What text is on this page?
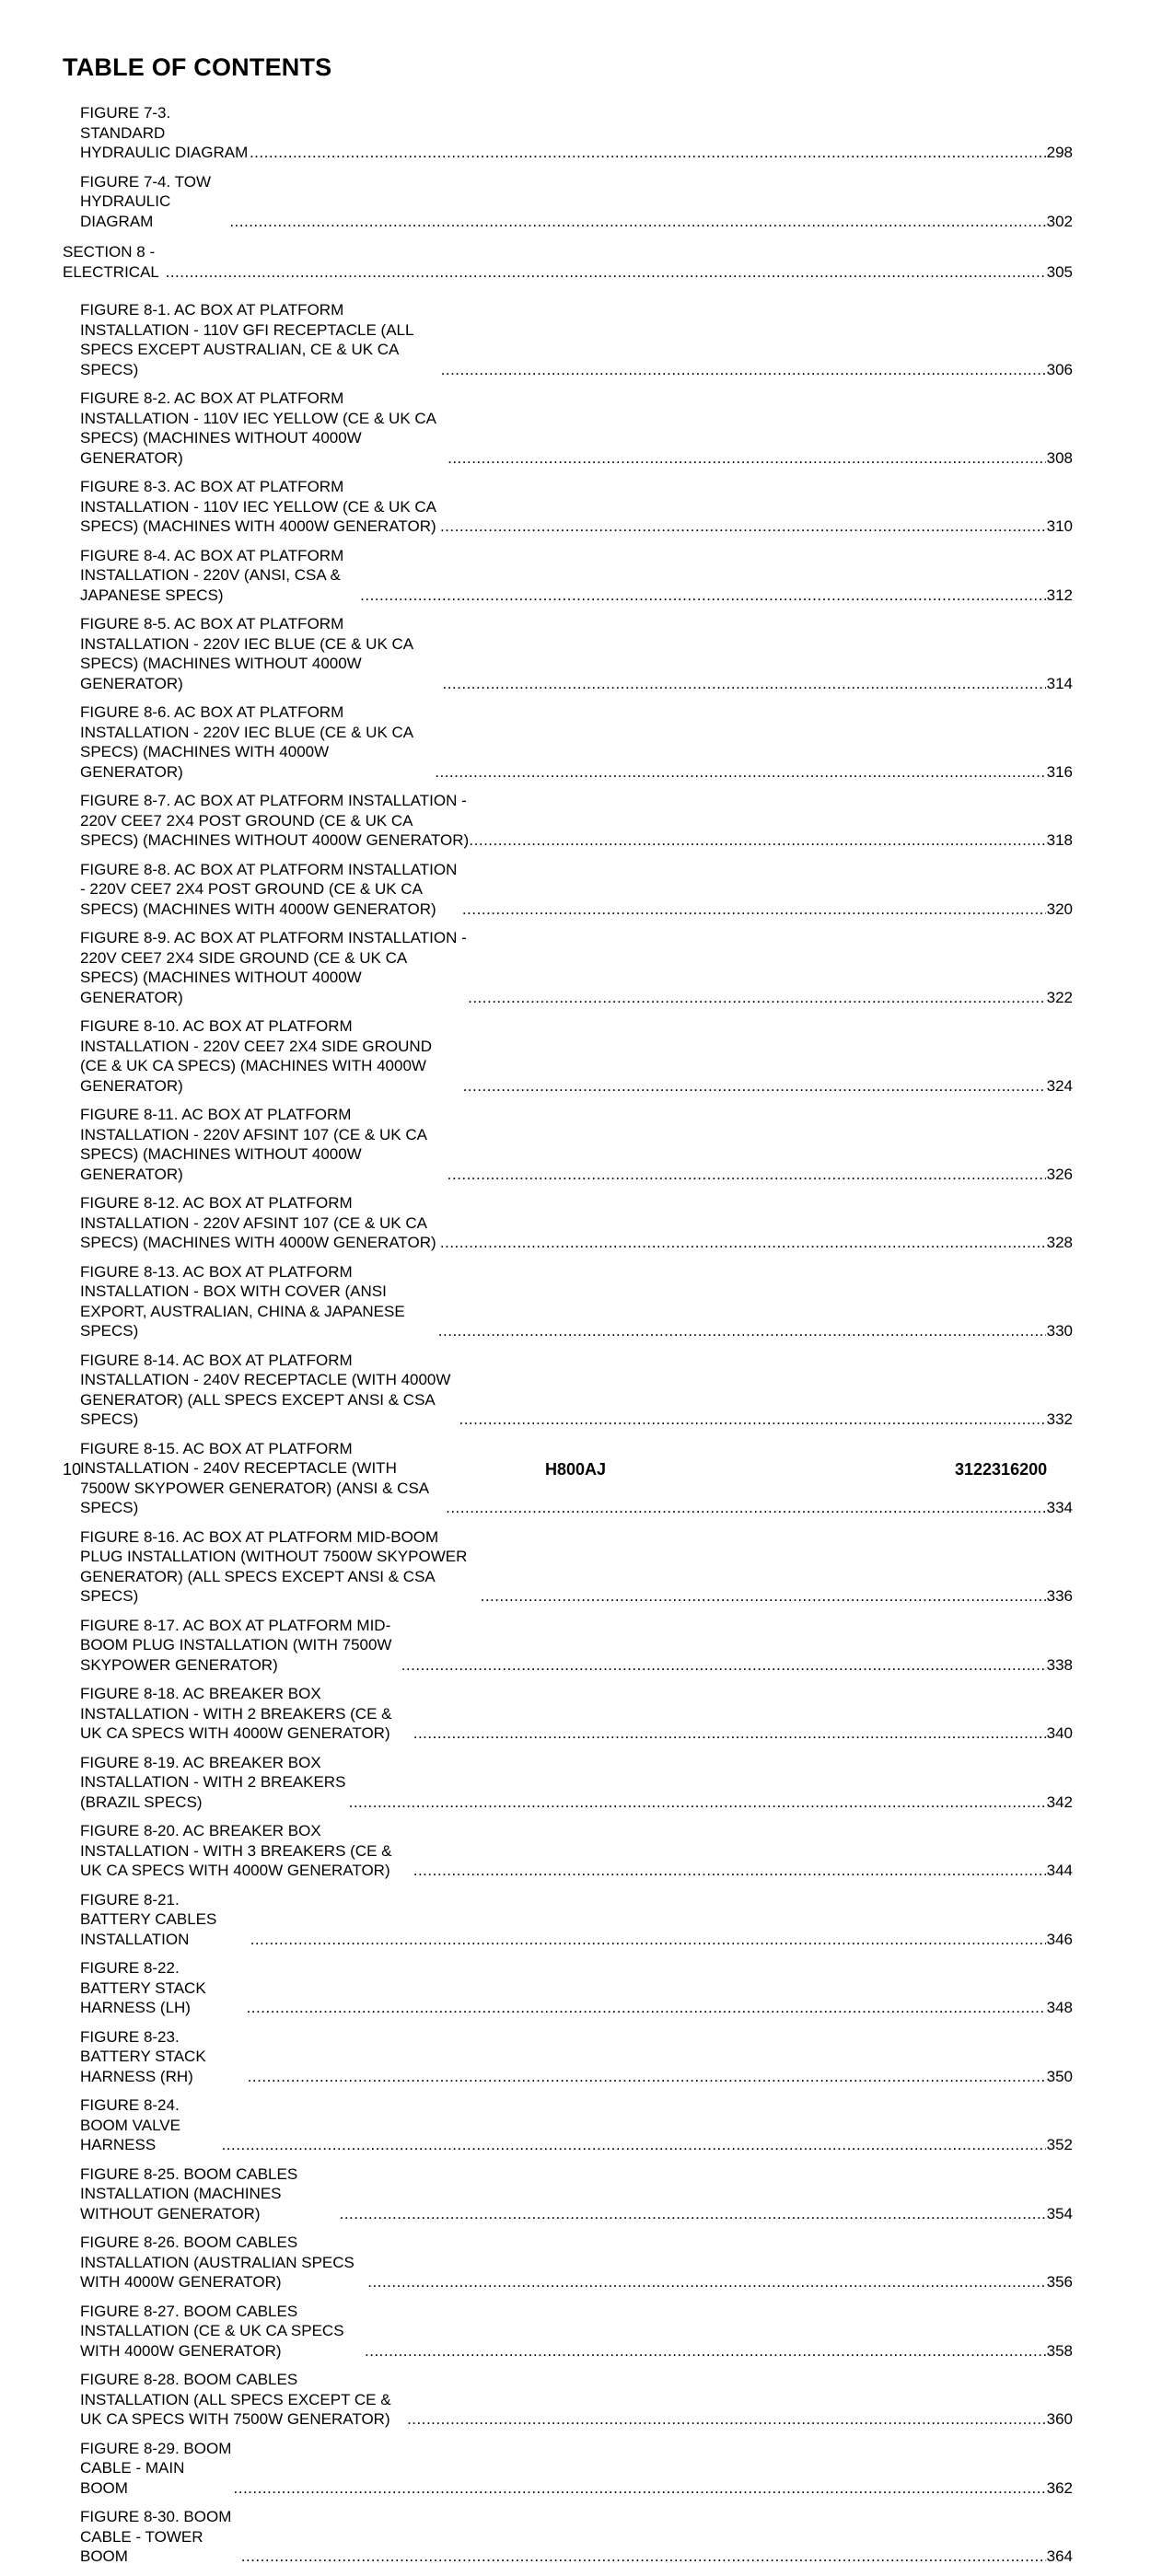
TABLE OF CONTENTS
FIGURE 7-3. STANDARD HYDRAULIC DIAGRAM .....	298
FIGURE 7-4. TOW HYDRAULIC DIAGRAM .....	302
SECTION 8 - ELECTRICAL .....	305
FIGURE 8-1. AC BOX AT PLATFORM INSTALLATION - 110V GFI RECEPTACLE (ALL SPECS EXCEPT AUSTRALIAN, CE & UK CA SPECS) .....	306
FIGURE 8-2. AC BOX AT PLATFORM INSTALLATION - 110V IEC YELLOW (CE & UK CA SPECS) (MACHINES WITHOUT 4000W GENERATOR) .....	308
FIGURE 8-3. AC BOX AT PLATFORM INSTALLATION - 110V IEC YELLOW (CE & UK CA SPECS) (MACHINES WITH 4000W GENERATOR) .....	310
FIGURE 8-4. AC BOX AT PLATFORM INSTALLATION - 220V (ANSI, CSA & JAPANESE SPECS) .....	312
FIGURE 8-5. AC BOX AT PLATFORM INSTALLATION - 220V IEC BLUE (CE & UK CA SPECS) (MACHINES WITHOUT 4000W GENERATOR) .....	314
FIGURE 8-6. AC BOX AT PLATFORM INSTALLATION - 220V IEC BLUE (CE & UK CA SPECS) (MACHINES WITH 4000W GENERATOR) .....	316
FIGURE 8-7. AC BOX AT PLATFORM INSTALLATION - 220V CEE7 2X4 POST GROUND (CE & UK CA SPECS) (MACHINES WITHOUT 4000W GENERATOR) .....	318
FIGURE 8-8. AC BOX AT PLATFORM INSTALLATION - 220V CEE7 2X4 POST GROUND (CE & UK CA SPECS) (MACHINES WITH 4000W GENERATOR) .....	320
FIGURE 8-9. AC BOX AT PLATFORM INSTALLATION - 220V CEE7 2X4 SIDE GROUND (CE & UK CA SPECS) (MACHINES WITHOUT 4000W GENERATOR) .....	322
FIGURE 8-10. AC BOX AT PLATFORM INSTALLATION - 220V CEE7 2X4 SIDE GROUND (CE & UK CA SPECS) (MACHINES WITH 4000W GENERATOR) .....	324
FIGURE 8-11. AC BOX AT PLATFORM INSTALLATION - 220V AFSINT 107 (CE & UK CA SPECS) (MACHINES WITHOUT 4000W GENERATOR) .....	326
FIGURE 8-12. AC BOX AT PLATFORM INSTALLATION - 220V AFSINT 107 (CE & UK CA SPECS) (MACHINES WITH 4000W GENERATOR) .....	328
FIGURE 8-13. AC BOX AT PLATFORM INSTALLATION - BOX WITH COVER (ANSI EXPORT, AUSTRALIAN, CHINA & JAPANESE SPECS) .....	330
FIGURE 8-14. AC BOX AT PLATFORM INSTALLATION - 240V RECEPTACLE (WITH 4000W GENERATOR) (ALL SPECS EXCEPT ANSI & CSA SPECS) .....	332
FIGURE 8-15. AC BOX AT PLATFORM INSTALLATION - 240V RECEPTACLE (WITH 7500W SKYPOWER GENERATOR) (ANSI & CSA SPECS) .....	334
FIGURE 8-16. AC BOX AT PLATFORM MID-BOOM PLUG INSTALLATION (WITHOUT 7500W SKYPOWER GENERATOR) (ALL SPECS EXCEPT ANSI & CSA SPECS) .....	336
FIGURE 8-17. AC BOX AT PLATFORM MID-BOOM PLUG INSTALLATION (WITH 7500W SKYPOWER GENERATOR) .....	338
FIGURE 8-18. AC BREAKER BOX INSTALLATION - WITH 2 BREAKERS (CE & UK CA SPECS WITH 4000W GENERATOR) .....	340
FIGURE 8-19. AC BREAKER BOX INSTALLATION - WITH 2 BREAKERS (BRAZIL SPECS) .....	342
FIGURE 8-20. AC BREAKER BOX INSTALLATION - WITH 3 BREAKERS (CE & UK CA SPECS WITH 4000W GENERATOR) .....	344
FIGURE 8-21. BATTERY CABLES INSTALLATION .....	346
FIGURE 8-22. BATTERY STACK HARNESS (LH) .....	348
FIGURE 8-23. BATTERY STACK HARNESS (RH) .....	350
FIGURE 8-24. BOOM VALVE HARNESS .....	352
FIGURE 8-25. BOOM CABLES INSTALLATION (MACHINES WITHOUT GENERATOR) .....	354
FIGURE 8-26. BOOM CABLES INSTALLATION (AUSTRALIAN SPECS WITH 4000W GENERATOR) .....	356
FIGURE 8-27. BOOM CABLES INSTALLATION (CE & UK CA SPECS WITH 4000W GENERATOR) .....	358
FIGURE 8-28. BOOM CABLES INSTALLATION (ALL SPECS EXCEPT CE & UK CA SPECS WITH 7500W GENERATOR) .....	360
FIGURE 8-29. BOOM CABLE - MAIN BOOM .....	362
FIGURE 8-30. BOOM CABLE - TOWER BOOM .....	364
10	H800AJ	3122316200
